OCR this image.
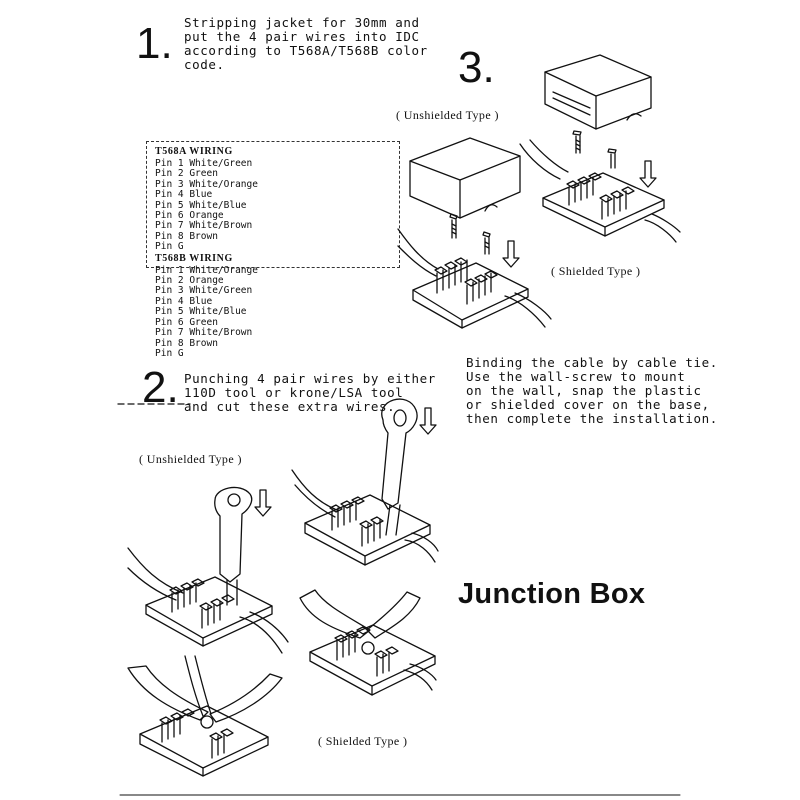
1. Stripping jacket for 30mm and
put the 4 pair wires into IDC
according to T568A/T568B color
code.	3.
T568A WIRING
Pin 1 White/Green
Pin 2 Green
Pin 3 White/Orange
Pin 4 Blue
Pin 5 White/Blue
Pin 6 Orange
Pin 7 White/Brown
Pin 8 Brown
Pin G

T568B WIRING
Pin 1 White/Orange
Pin 2 Orange
Pin 3 White/Green
Pin 4 Blue
Pin 5 White/Blue
Pin 6 Green
Pin 7 White/Brown
Pin 8 Brown
Pin G
( Unshielded Type )
( Shielded Type )
( Unshielded Type )
( Shielded Type )
2. Punching 4 pair wires by either
110D tool or krone/LSA tool
and cut these extra wires.
Binding the cable by cable tie.
Use the wall-screw to mount
on the wall, snap the plastic
or shielded cover on the base,
then complete the installation.
Junction Box
